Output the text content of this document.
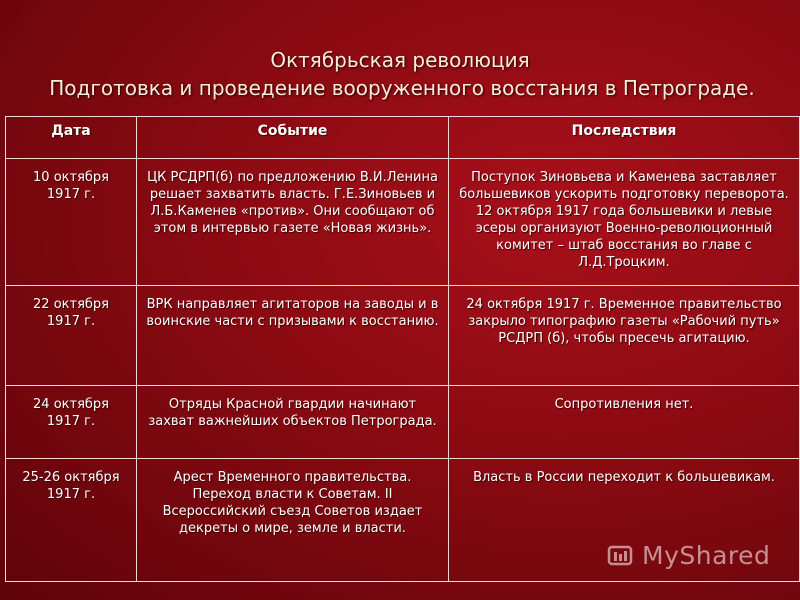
Октябрьская революция
Подготовка и проведение вооруженного восстания в Петрограде.
Дата	Событие	Последствия

10 октября
1917 г.	ЦК РСДРП(б) по предложению В.И.Ленина решает захватить власть. Г.Е.Зиновьев и Л.Б.Каменев «против». Они сообщают об этом в интервью газете «Новая жизнь».	Поступок Зиновьева и Каменева заставляет большевиков ускорить подготовку переворота. 12 октября 1917 года большевики и левые эсеры организуют Военно-революционный комитет – штаб восстания во главе с Л.Д.Троцким.

22 октября
1917 г.	ВРК направляет агитаторов на заводы и в воинские части с призывами к восстанию.	24 октября 1917 г. Временное правительство закрыло типографию газеты «Рабочий путь» РСДРП (б), чтобы пресечь агитацию.

24 октября
1917 г.	Отряды Красной гвардии начинают захват важнейших объектов Петрограда.	Сопротивления нет.

25-26 октября
1917 г.	Арест Временного правительства. Переход власти к Советам. II Всероссийский съезд Советов издает декреты о мире, земле и власти.	Власть в России переходит к большевикам.
MyShared
